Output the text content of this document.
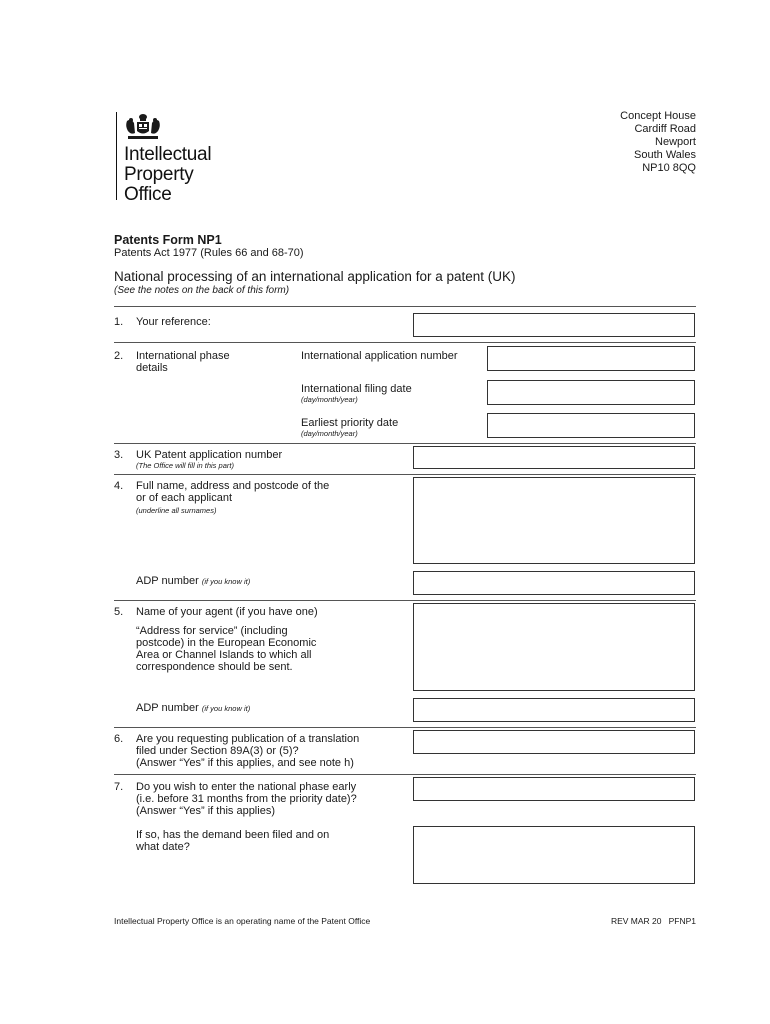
Intellectual
Property
Office
Concept House
Cardiff Road
Newport
South Wales
NP10 8QQ
Patents Form NP1
Patents Act 1977 (Rules 66 and 68-70)
National processing of an international application for a patent (UK)
(See the notes on the back of this form)
1. Your reference:
2. International phase
details
International application number
International filing date
(day/month/year)
Earliest priority date
(day/month/year)
3. UK Patent application number
(The Office will fill in this part)
4. Full name, address and postcode of the
or of each applicant
(underline all surnames)
ADP number (if you know it)
5. Name of your agent (if you have one)
“Address for service” (including
postcode) in the European Economic
Area or Channel Islands to which all
correspondence should be sent.
ADP number (if you know it)
6. Are you requesting publication of a translation
filed under Section 89A(3) or (5)?
(Answer “Yes” if this applies, and see note h)
7. Do you wish to enter the national phase early
(i.e. before 31 months from the priority date)?
(Answer “Yes” if this applies)
If so, has the demand been filed and on
what date?
Intellectual Property Office is an operating name of the Patent Office	REV MAR 20   PFNP1
